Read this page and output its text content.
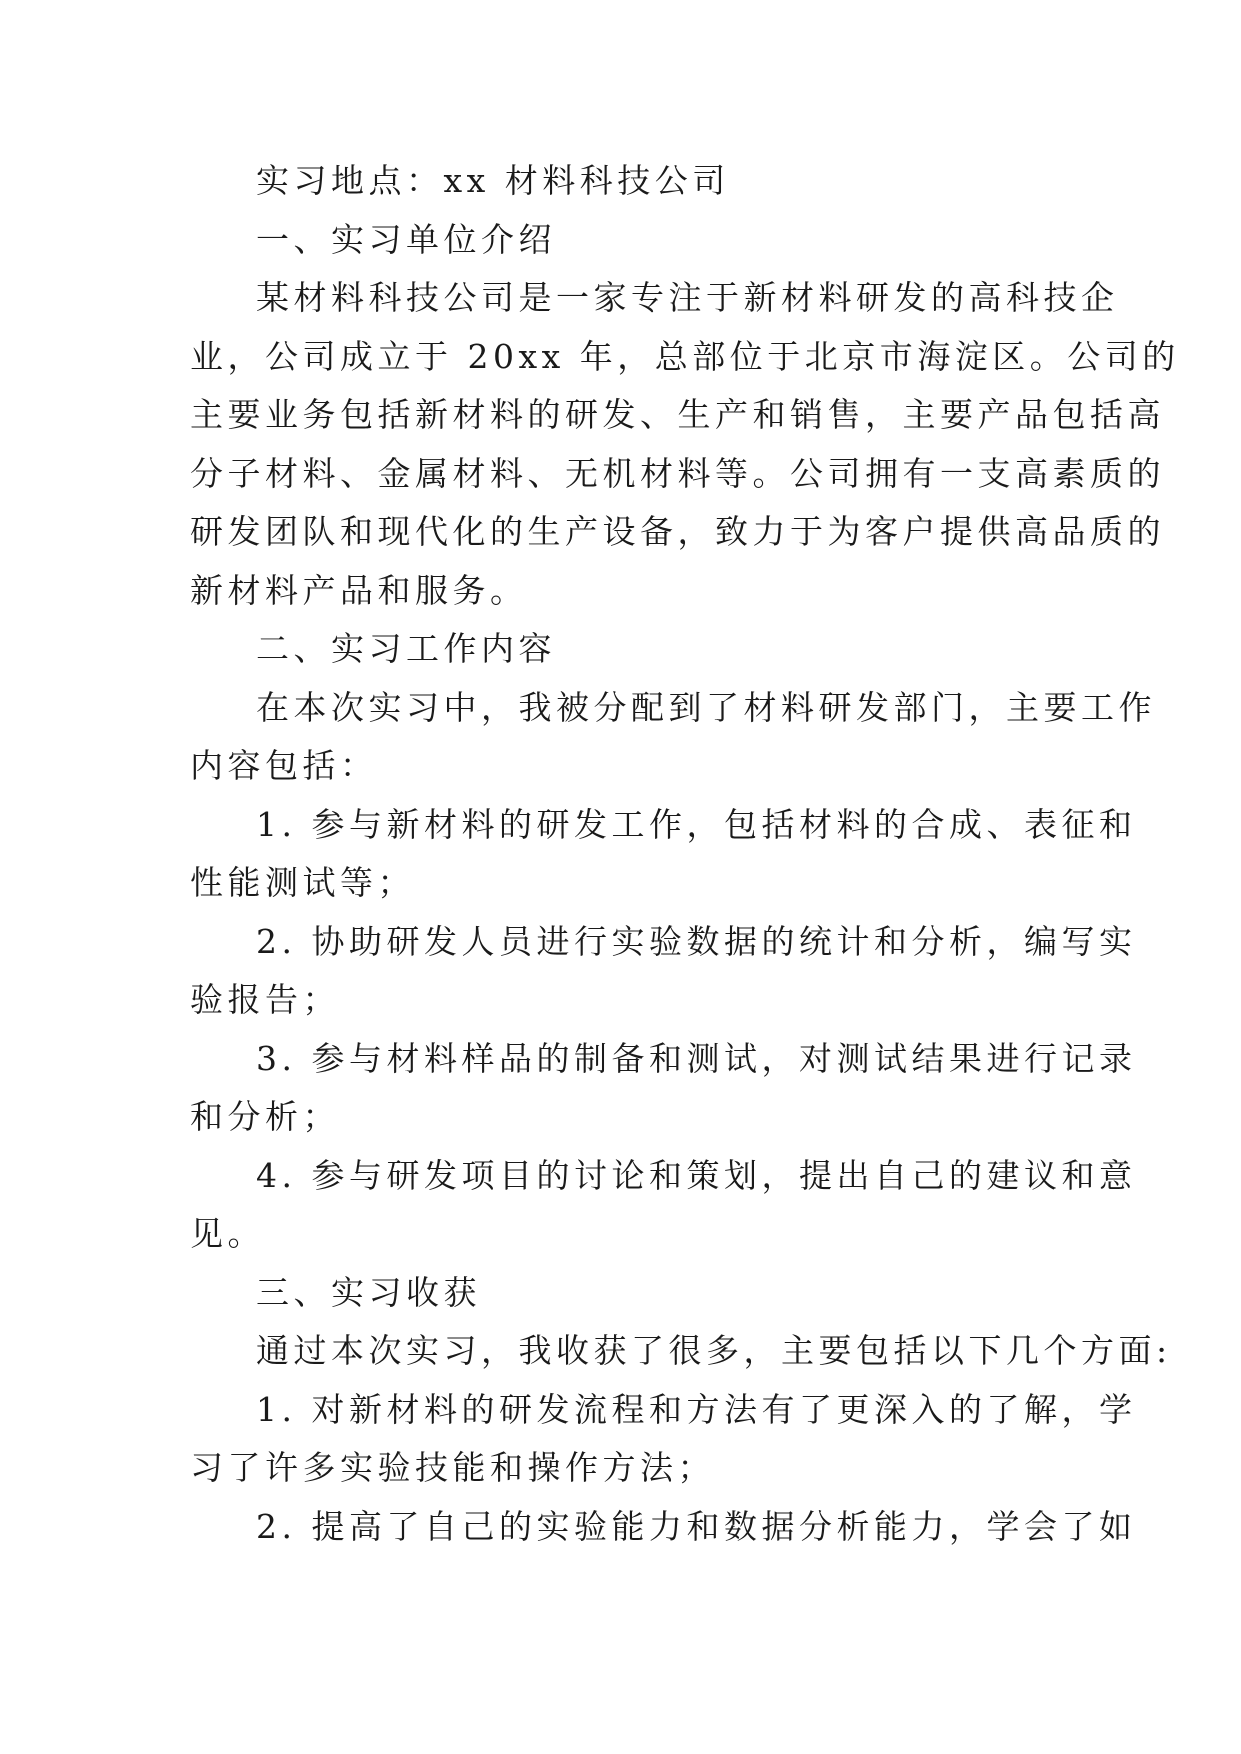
实习地点：xx 材料科技公司
一、实习单位介绍
某材料科技公司是一家专注于新材料研发的高科技企
业，公司成立于 20xx 年，总部位于北京市海淀区。公司的
主要业务包括新材料的研发、生产和销售，主要产品包括高
分子材料、金属材料、无机材料等。公司拥有一支高素质的
研发团队和现代化的生产设备，致力于为客户提供高品质的
新材料产品和服务。
二、实习工作内容
在本次实习中，我被分配到了材料研发部门，主要工作
内容包括：
1. 参与新材料的研发工作，包括材料的合成、表征和
性能测试等；
2. 协助研发人员进行实验数据的统计和分析，编写实
验报告；
3. 参与材料样品的制备和测试，对测试结果进行记录
和分析；
4. 参与研发项目的讨论和策划，提出自己的建议和意
见。
三、实习收获
通过本次实习，我收获了很多，主要包括以下几个方面:
1. 对新材料的研发流程和方法有了更深入的了解，学
习了许多实验技能和操作方法；
2. 提高了自己的实验能力和数据分析能力，学会了如
